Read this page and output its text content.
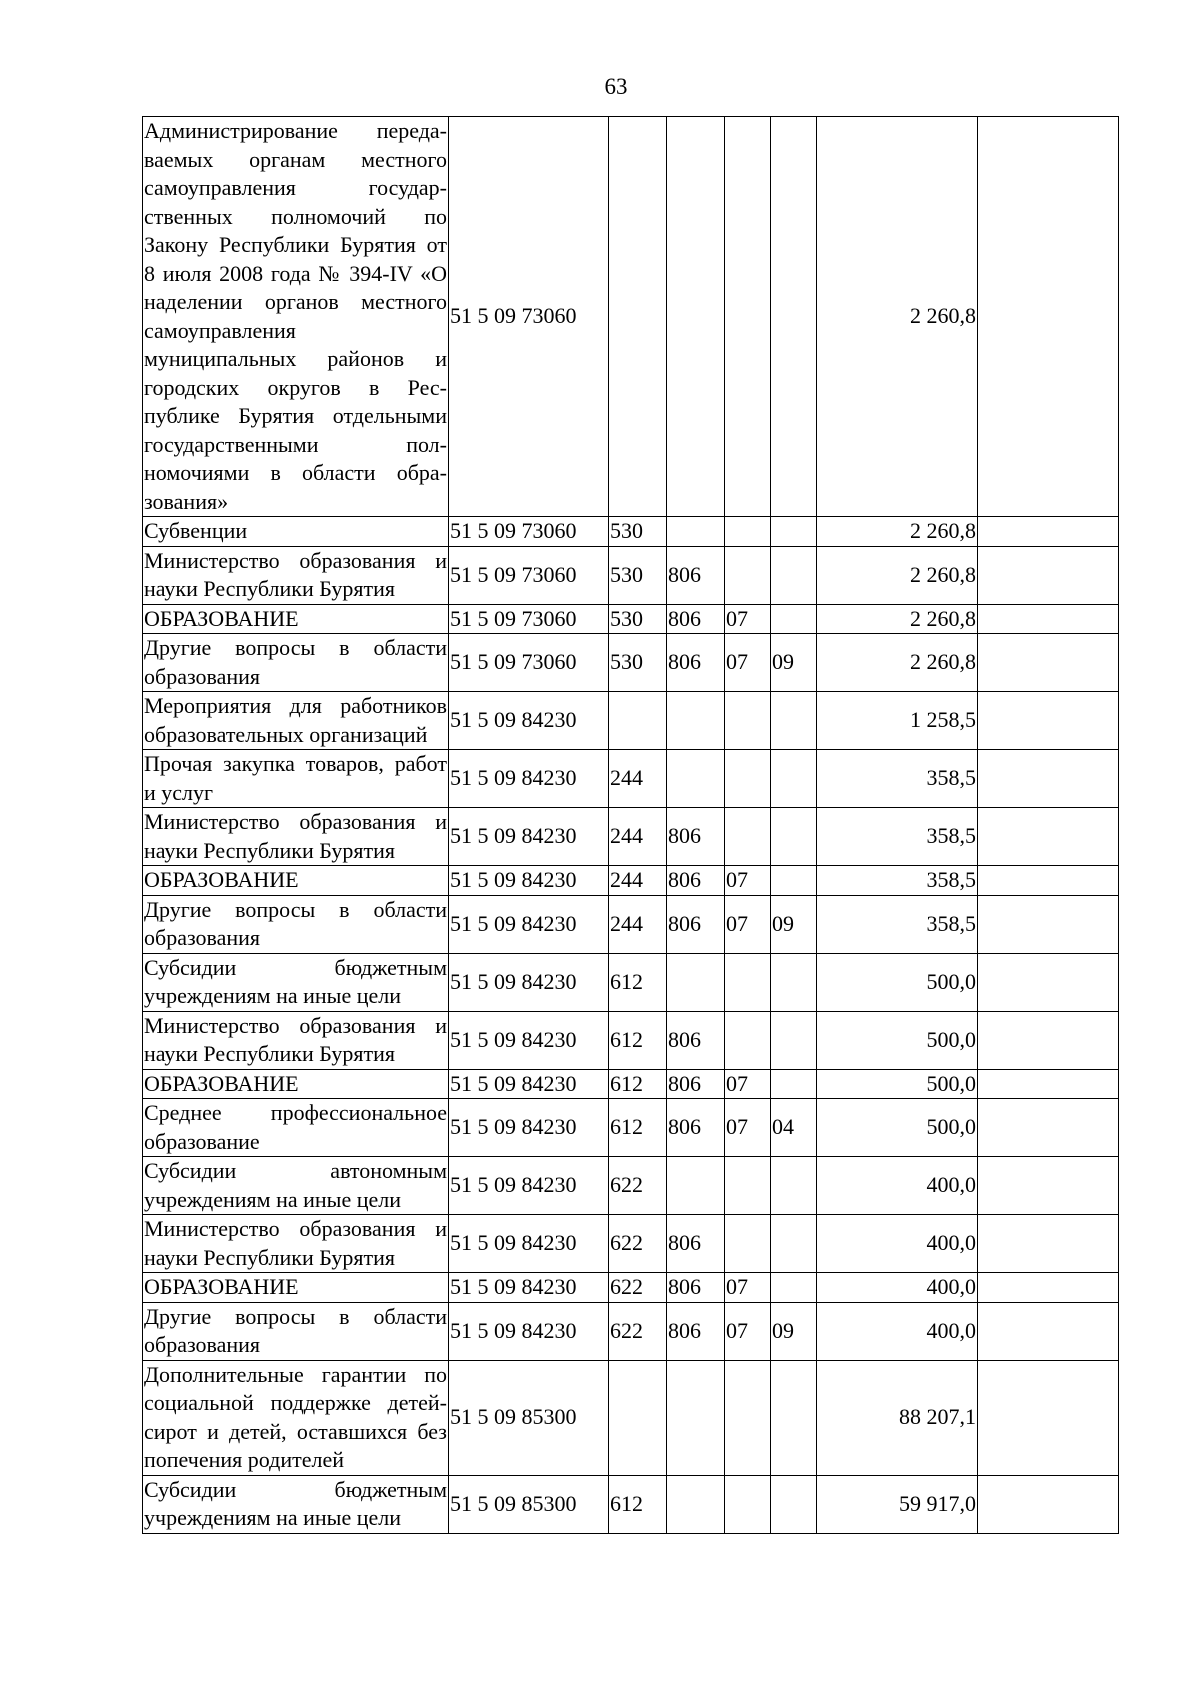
63
Администрирование передаваемых органам местного самоуправления государственных полномочий по Закону Республики Бурятия от 8 июля 2008 года № 394-IV «О наделении органов местного самоуправления муниципальных районов и городских округов в Республике Бурятия отдельными государственными полномочиями в области образования»	51 5 09 73060					2 260,8	
Субвенции	51 5 09 73060	530				2 260,8	
Министерство образования и науки Республики Бурятия	51 5 09 73060	530	806			2 260,8	
ОБРАЗОВАНИЕ	51 5 09 73060	530	806	07		2 260,8	
Другие вопросы в области образования	51 5 09 73060	530	806	07	09	2 260,8	
Мероприятия для работников образовательных организаций	51 5 09 84230					1 258,5	
Прочая закупка товаров, работ и услуг	51 5 09 84230	244				358,5	
Министерство образования и науки Республики Бурятия	51 5 09 84230	244	806			358,5	
ОБРАЗОВАНИЕ	51 5 09 84230	244	806	07		358,5	
Другие вопросы в области образования	51 5 09 84230	244	806	07	09	358,5	
Субсидии бюджетным учреждениям на иные цели	51 5 09 84230	612				500,0	
Министерство образования и науки Республики Бурятия	51 5 09 84230	612	806			500,0	
ОБРАЗОВАНИЕ	51 5 09 84230	612	806	07		500,0	
Среднее профессиональное образование	51 5 09 84230	612	806	07	04	500,0	
Субсидии автономным учреждениям на иные цели	51 5 09 84230	622				400,0	
Министерство образования и науки Республики Бурятия	51 5 09 84230	622	806			400,0	
ОБРАЗОВАНИЕ	51 5 09 84230	622	806	07		400,0	
Другие вопросы в области образования	51 5 09 84230	622	806	07	09	400,0	
Дополнительные гарантии по социальной поддержке детей-сирот и детей, оставшихся без попечения родителей	51 5 09 85300					88 207,1	
Субсидии бюджетным учреждениям на иные цели	51 5 09 85300	612				59 917,0	
